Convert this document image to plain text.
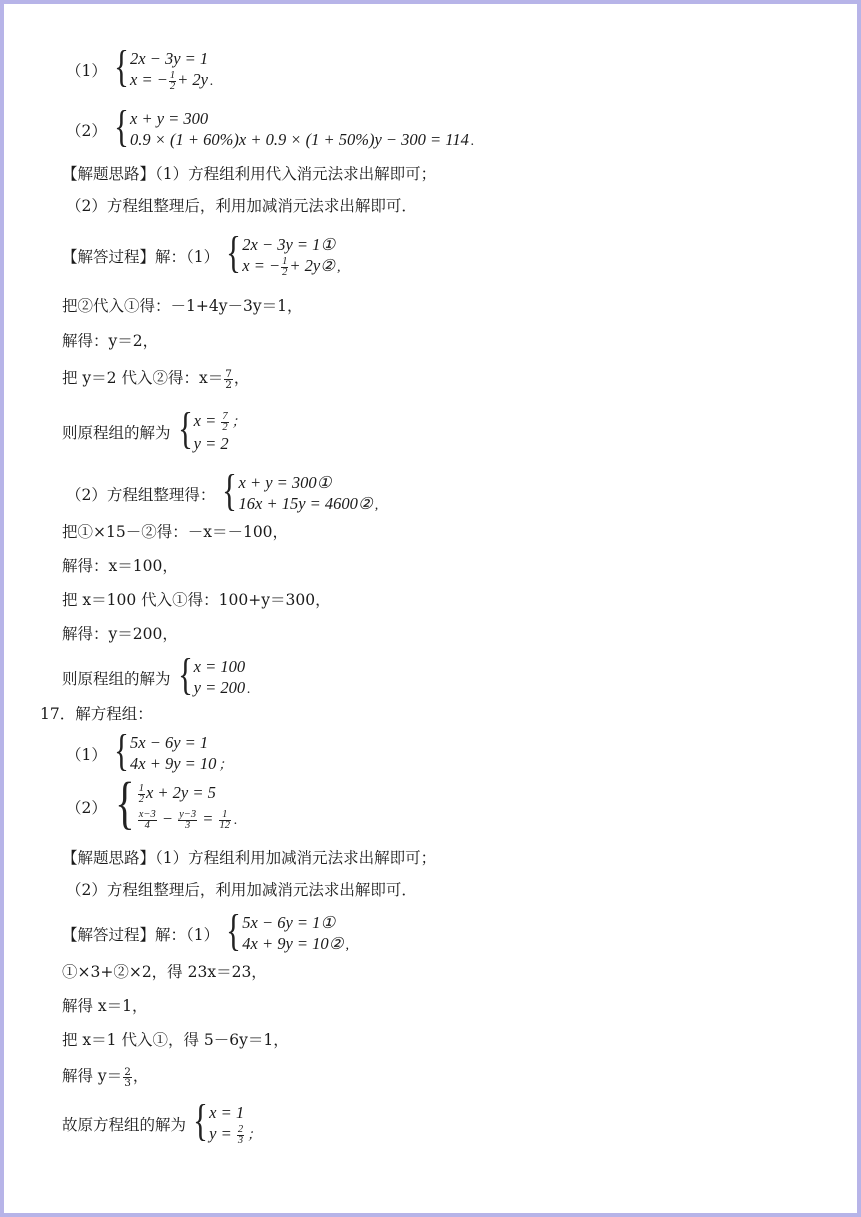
（1） { 2x − 3y = 1
x = − $\frac{1}{2} + 2y$ .
（2） { x + y = 300
0.9 × (1 + 60%)x + 0.9 × (1 + 50%)y − 300 = 114 .
【解题思路】（1）方程组利用代入消元法求出解即可；
（2）方程组整理后，利用加减消元法求出解即可．
【解答过程】解：（1） { 2x − 3y = 1①
x = − $\frac{1}{2}$ + 2y② ,
把②代入①得：－1+4y－3y＝1，
解得：y＝2，
把 y＝2 代入②得：$x= \frac{7}{2}$ ，
则原程组的解为 { $x = \frac{7}{2}$ ；
y = 2
（2）方程组整理得： { x + y = 300①
16x + 15y = 4600② ,
把①×15－②得：－x＝－100，
解得：x＝100，
把 x＝100 代入①得：100+y＝300，
解得：y＝200，
则原程组的解为 { x = 100
y = 200 .
17．解方程组：
（1） { 5x − 6y = 1
4x + 9y = 10 ；
（2） { $\frac{1}{2}$ x + 2y = 5
$\frac{x-3}{4} - \frac{y-3}{3} = \frac{1}{12}$ .
【解题思路】（1）方程组利用加减消元法求出解即可；
（2）方程组整理后，利用加减消元法求出解即可．
【解答过程】解：（1） { 5x − 6y = 1①
4x + 9y = 10② ,
①×3+②×2，得 23x＝23，
解得 x＝1，
把 x＝1 代入①，得 5－6y＝1，
解得 $y= \frac{2}{3}$ ，
故原方程组的解为 { x = 1
$y = \frac{2}{3}$ ；
